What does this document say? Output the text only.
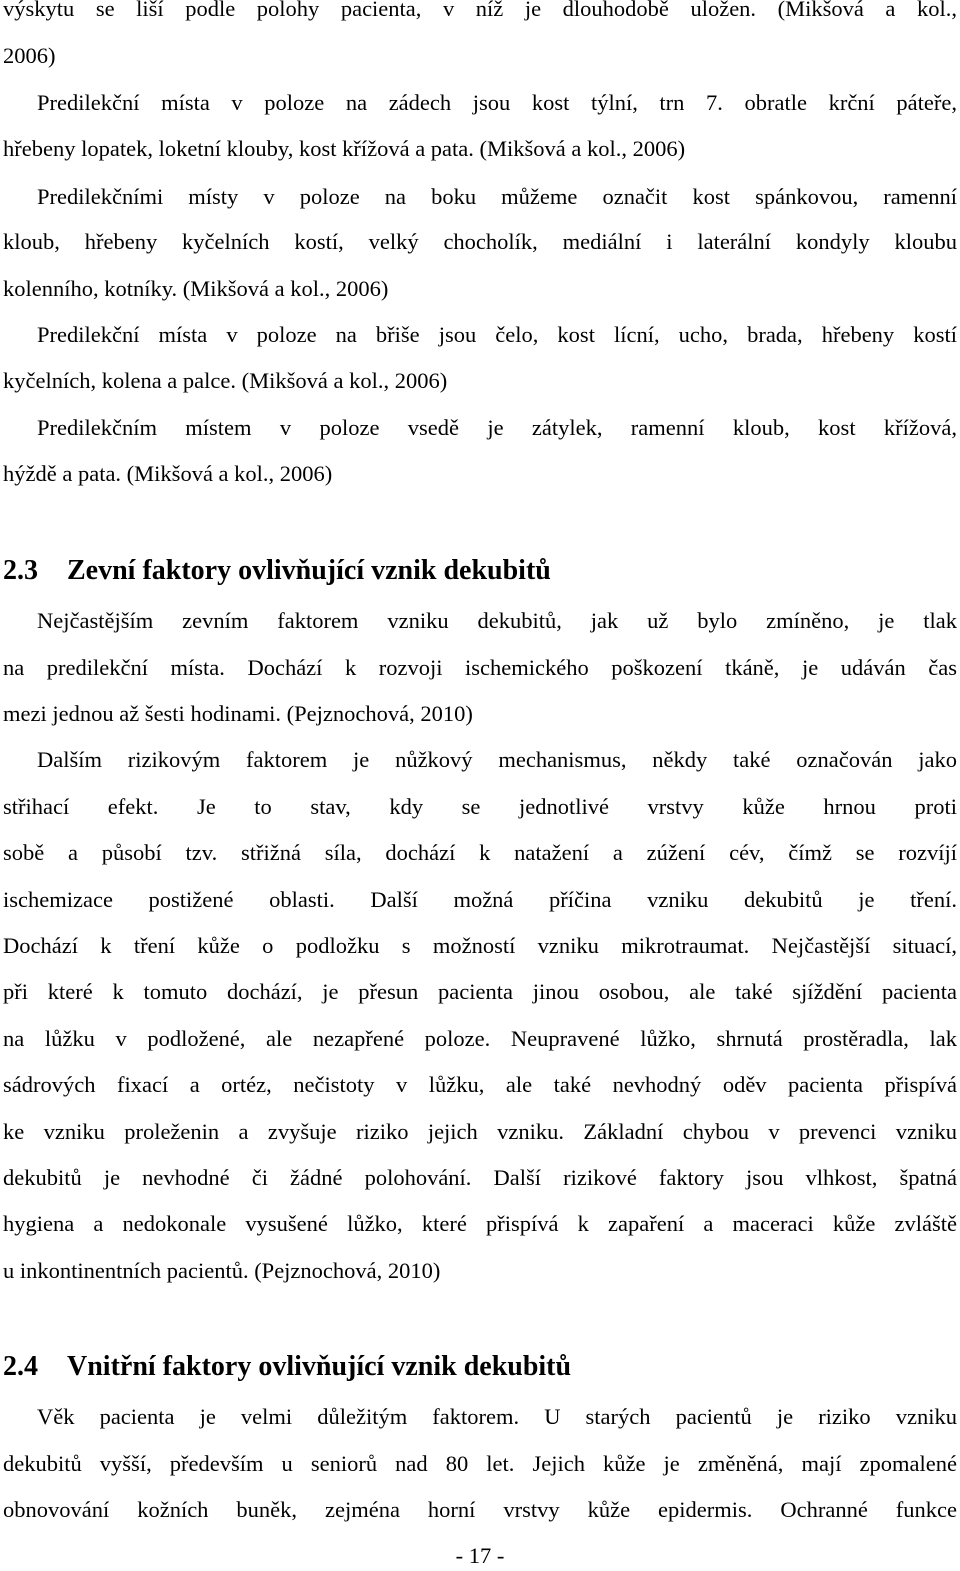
výskytu se liší podle polohy pacienta, v níž je dlouhodobě uložen. (Mikšová a kol.,
2006)
Predilekční místa v poloze na zádech jsou kost týlní, trn 7. obratle krční páteře,
hřebeny lopatek, loketní klouby, kost křížová a pata. (Mikšová a kol., 2006)
Predilekčními místy v poloze na boku můžeme označit kost spánkovou, ramenní
kloub, hřebeny kyčelních kostí, velký chocholík, mediální i laterální kondyly kloubu
kolenního, kotníky. (Mikšová a kol., 2006)
Predilekční místa v poloze na břiše jsou čelo, kost lícní, ucho, brada, hřebeny kostí
kyčelních, kolena a palce. (Mikšová a kol., 2006)
Predilekčním místem v poloze vsedě je zátylek, ramenní kloub, kost křížová,
hýždě a pata. (Mikšová a kol., 2006)
2.3 Zevní faktory ovlivňující vznik dekubitů
Nejčastějším zevním faktorem vzniku dekubitů, jak už bylo zmíněno, je tlak
na predilekční místa. Dochází k rozvoji ischemického poškození tkáně, je udáván čas
mezi jednou až šesti hodinami. (Pejznochová, 2010)
Dalším rizikovým faktorem je nůžkový mechanismus, někdy také označován jako
střihací efekt. Je to stav, kdy se jednotlivé vrstvy kůže hrnou proti
sobě a působí tzv. střižná síla, dochází k natažení a zúžení cév, čímž se rozvíjí
ischemizace postižené oblasti. Další možná příčina vzniku dekubitů je tření.
Dochází k tření kůže o podložku s možností vzniku mikrotraumat. Nejčastější situací,
při které k tomuto dochází, je přesun pacienta jinou osobou, ale také sjíždění pacienta
na lůžku v podložené, ale nezapřené poloze. Neupravené lůžko, shrnutá prostěradla, lak
sádrových fixací a ortéz, nečistoty v lůžku, ale také nevhodný oděv pacienta přispívá
ke vzniku proleženin a zvyšuje riziko jejich vzniku. Základní chybou v prevenci vzniku
dekubitů je nevhodné či žádné polohování. Další rizikové faktory jsou vlhkost, špatná
hygiena a nedokonale vysušené lůžko, které přispívá k zapaření a maceraci kůže zvláště
u inkontinentních pacientů. (Pejznochová, 2010)
2.4 Vnitřní faktory ovlivňující vznik dekubitů
Věk pacienta je velmi důležitým faktorem. U starých pacientů je riziko vzniku
dekubitů vyšší, především u seniorů nad 80 let. Jejich kůže je změněná, mají zpomalené
obnovování kožních buněk, zejména horní vrstvy kůže epidermis. Ochranné funkce
- 17 -
